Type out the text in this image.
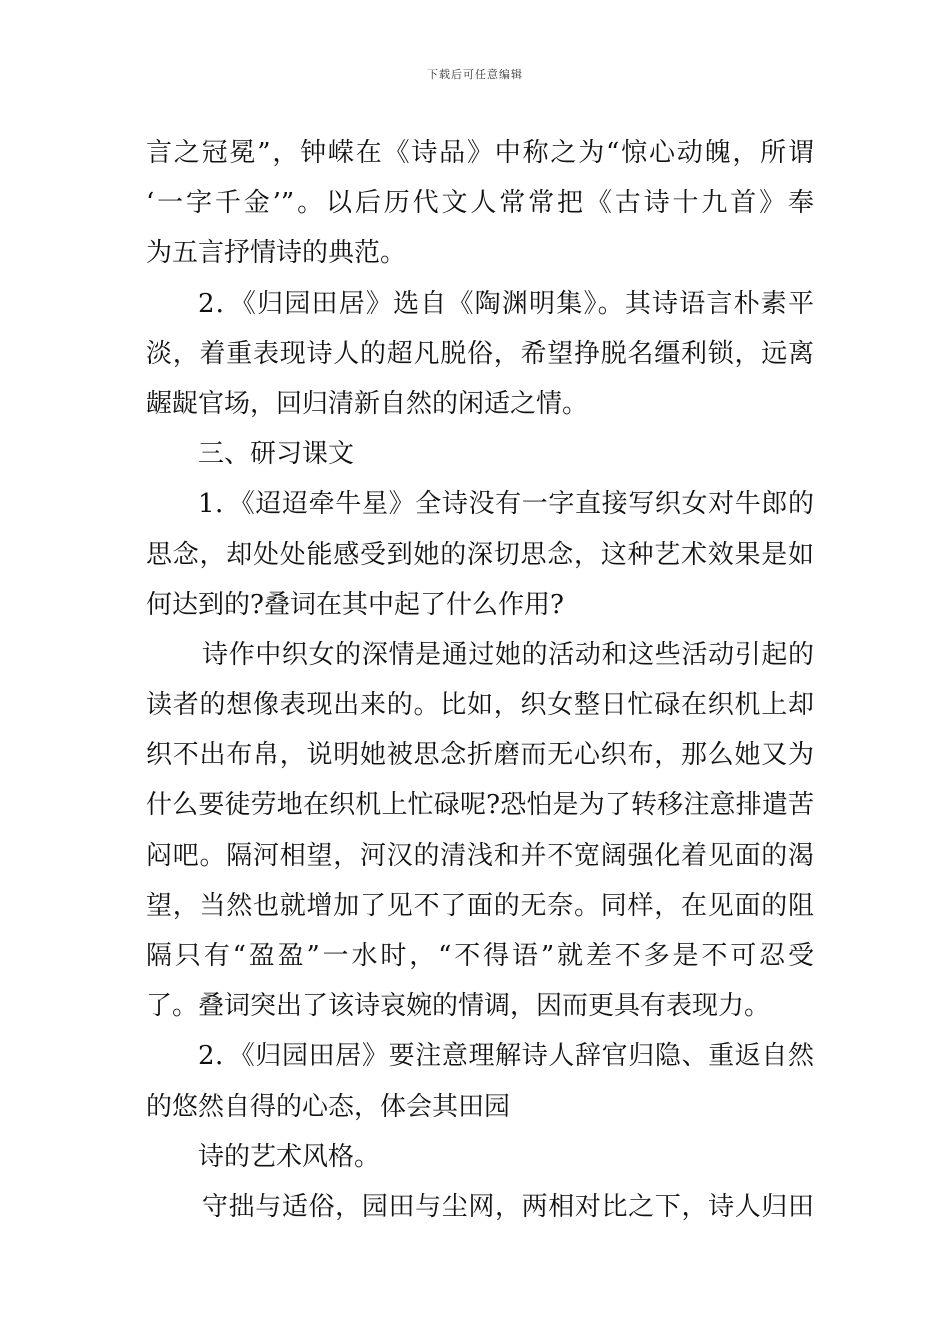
下载后可任意编辑
言之冠冕”，钟嵘在《诗品》中称之为“惊心动魄，所谓
‘一字千金’”。以后历代文人常常把《古诗十九首》奉
为五言抒情诗的典范。
2．《归园田居》选自《陶渊明集》。其诗语言朴素平
淡，着重表现诗人的超凡脱俗，希望挣脱名缰利锁，远离
龌龊官场，回归清新自然的闲适之情。
三、研习课文
1．《迢迢牵牛星》全诗没有一字直接写织女对牛郎的
思念，却处处能感受到她的深切思念，这种艺术效果是如
何达到的?叠词在其中起了什么作用?
诗作中织女的深情是通过她的活动和这些活动引起的
读者的想像表现出来的。比如，织女整日忙碌在织机上却
织不出布帛，说明她被思念折磨而无心织布，那么她又为
什么要徒劳地在织机上忙碌呢?恐怕是为了转移注意排遣苦
闷吧。隔河相望，河汉的清浅和并不宽阔强化着见面的渴
望，当然也就增加了见不了面的无奈。同样，在见面的阻
隔只有“盈盈”一水时，“不得语”就差不多是不可忍受
了。叠词突出了该诗哀婉的情调，因而更具有表现力。
2．《归园田居》要注意理解诗人辞官归隐、重返自然
的悠然自得的心态，体会其田园
诗的艺术风格。
守拙与适俗，园田与尘网，两相对比之下，诗人归田
